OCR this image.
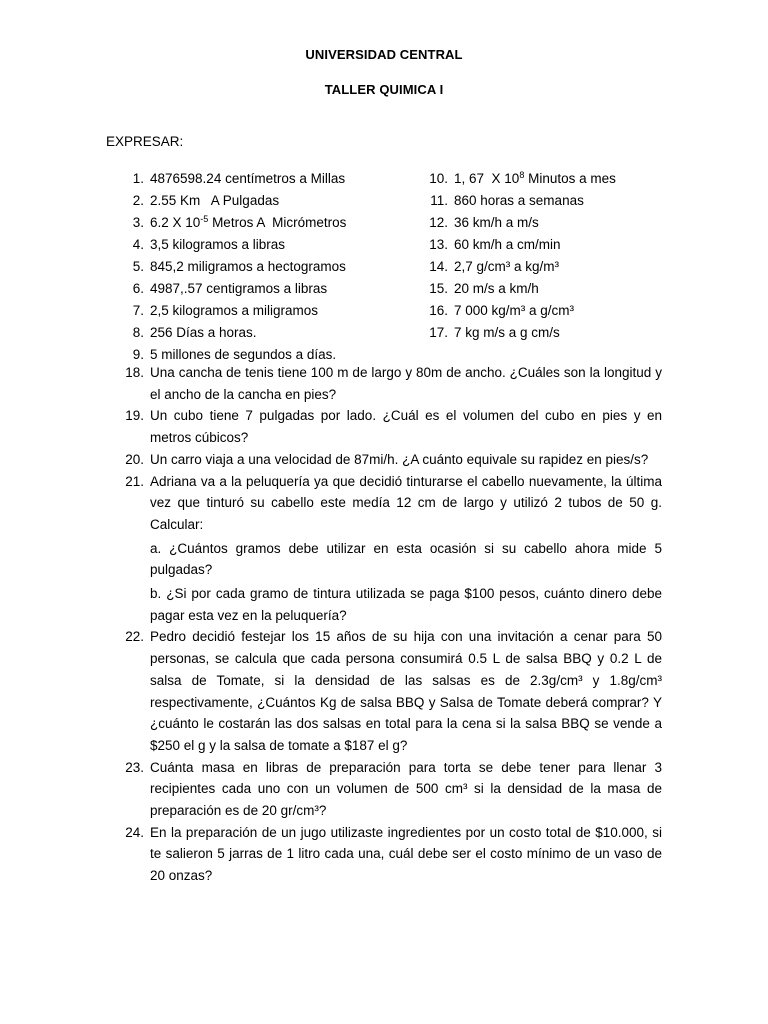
UNIVERSIDAD CENTRAL
TALLER QUIMICA I
EXPRESAR:
1. 4876598.24 centímetros a Millas
2. 2.55 Km   A Pulgadas
3. 6.2 X $10^{-5}$ Metros A  Micrómetros
4. 3,5 kilogramos a libras
5. 845,2 miligramos a hectogramos
6. 4987,.57 centigramos a libras
7. 2,5 kilogramos a miligramos
8. 256 Días a horas.
9. 5 millones de segundos a días.
10. 1, 67  X $10^8$ Minutos a mes
11. 860 horas a semanas
12. 36 km/h a m/s
13. 60 km/h a cm/min
14. 2,7 g/cm³ a kg/m³
15. 20 m/s a km/h
16. 7 000 kg/m³ a g/cm³
17. 7 kg m/s a g cm/s
18. Una cancha de tenis tiene 100 m de largo y 80m de ancho. ¿Cuáles son la longitud y el ancho de la cancha en pies?
19. Un cubo tiene 7 pulgadas por lado. ¿Cuál es el volumen del cubo en pies y en metros cúbicos?
20. Un carro viaja a una velocidad de 87mi/h. ¿A cuánto equivale su rapidez en pies/s?
21. Adriana va a la peluquería ya que decidió tinturarse el cabello nuevamente, la última vez que tinturó su cabello este medía 12 cm de largo y utilizó 2 tubos de 50 g. Calcular:
a. ¿Cuántos gramos debe utilizar en esta ocasión si su cabello ahora mide 5 pulgadas?
b. ¿Si por cada gramo de tintura utilizada se paga $100 pesos, cuánto dinero debe pagar esta vez en la peluquería?
22. Pedro decidió festejar los 15 años de su hija con una invitación a cenar para 50 personas, se calcula que cada persona consumirá 0.5 L de salsa BBQ y 0.2 L de salsa de Tomate, si la densidad de las salsas es de 2.3g/cm³ y 1.8g/cm³ respectivamente, ¿Cuántos Kg de salsa BBQ y Salsa de Tomate deberá comprar? Y ¿cuánto le costarán las dos salsas en total para la cena si la salsa BBQ se vende a $250 el g y la salsa de tomate a $187 el g?
23. Cuánta masa en libras de preparación para torta se debe tener para llenar 3 recipientes cada uno con un volumen de 500 cm³ si la densidad de la masa de preparación es de 20 gr/cm³?
24. En la preparación de un jugo utilizaste ingredientes por un costo total de $10.000, si te salieron 5 jarras de 1 litro cada una, cuál debe ser el costo mínimo de un vaso de 20 onzas?
